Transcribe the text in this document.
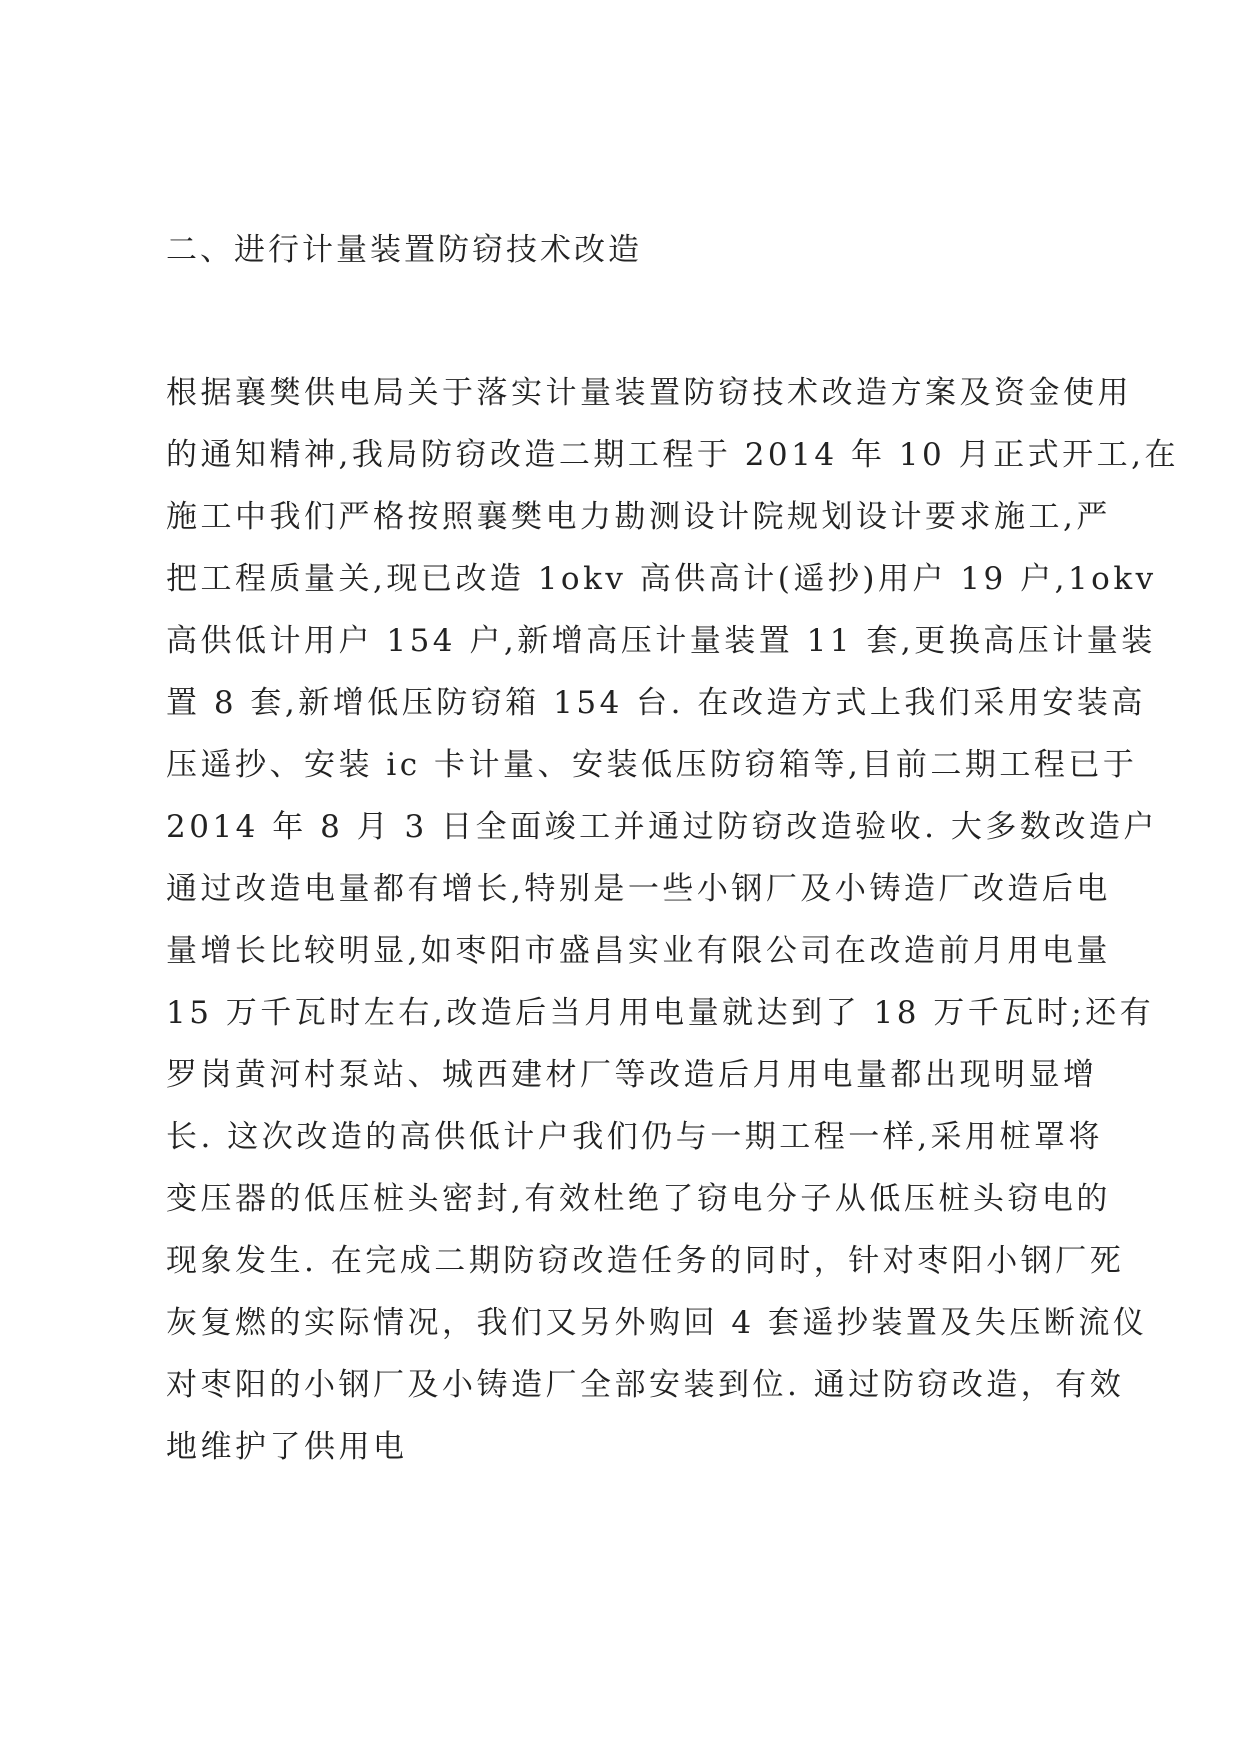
二、进行计量装置防窃技术改造
根据襄樊供电局关于落实计量装置防窃技术改造方案及资金使用
的通知精神,我局防窃改造二期工程于 2014 年 10 月正式开工,在
施工中我们严格按照襄樊电力勘测设计院规划设计要求施工,严
把工程质量关,现已改造 1okv 高供高计(遥抄)用户 19 户,1okv
高供低计用户 154 户,新增高压计量装置 11 套,更换高压计量装
置 8 套,新增低压防窃箱 154 台. 在改造方式上我们采用安装高
压遥抄、安装 ic 卡计量、安装低压防窃箱等,目前二期工程已于
2014 年 8 月 3 日全面竣工并通过防窃改造验收. 大多数改造户
通过改造电量都有增长,特别是一些小钢厂及小铸造厂改造后电
量增长比较明显,如枣阳市盛昌实业有限公司在改造前月用电量
15 万千瓦时左右,改造后当月用电量就达到了 18 万千瓦时;还有
罗岗黄河村泵站、城西建材厂等改造后月用电量都出现明显增
长. 这次改造的高供低计户我们仍与一期工程一样,采用桩罩将
变压器的低压桩头密封,有效杜绝了窃电分子从低压桩头窃电的
现象发生. 在完成二期防窃改造任务的同时，针对枣阳小钢厂死
灰复燃的实际情况，我们又另外购回 4 套遥抄装置及失压断流仪
对枣阳的小钢厂及小铸造厂全部安装到位. 通过防窃改造，有效
地维护了供用电
